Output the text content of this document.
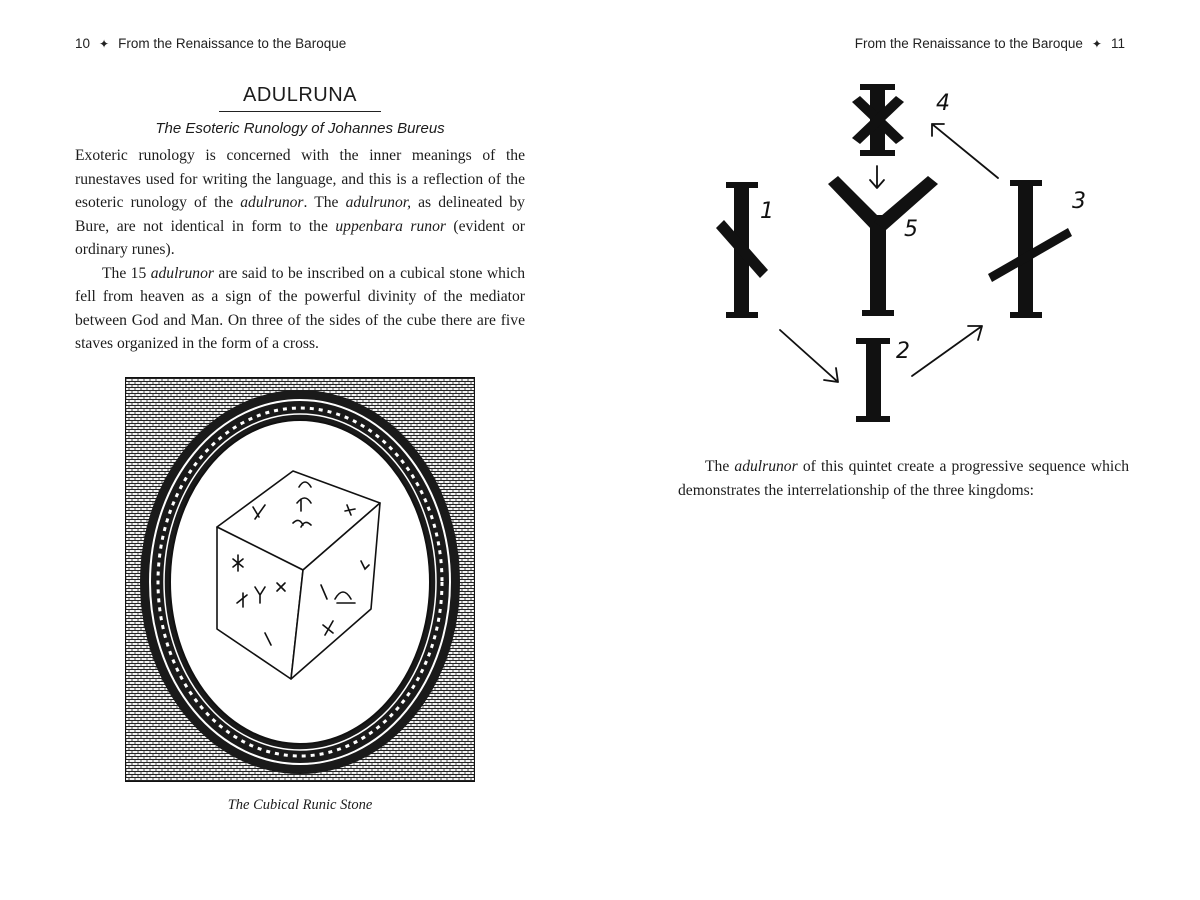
10 ✦ From the Renaissance to the Baroque	From the Renaissance to the Baroque ✦ 11
ADULRUNA
The Esoteric Runology of Johannes Bureus

Exoteric runology is concerned with the inner meanings of the runestaves used for writing the language, and this is a reflection of the esoteric runology of the adulrunor. The adulrunor, as delineated by Bure, are not identical in form to the uppenbara runor (evident or ordinary runes).

The 15 adulrunor are said to be inscribed on a cubical stone which fell from heaven as a sign of the powerful divinity of the mediator between God and Man. On three of the sides of the cube there are five staves organized in the form of a cross.

The Cubical Runic Stone
1
2
3
4
5

The adulrunor of this quintet create a progressive sequence which demonstrates the interrelationship of the three kingdoms:
